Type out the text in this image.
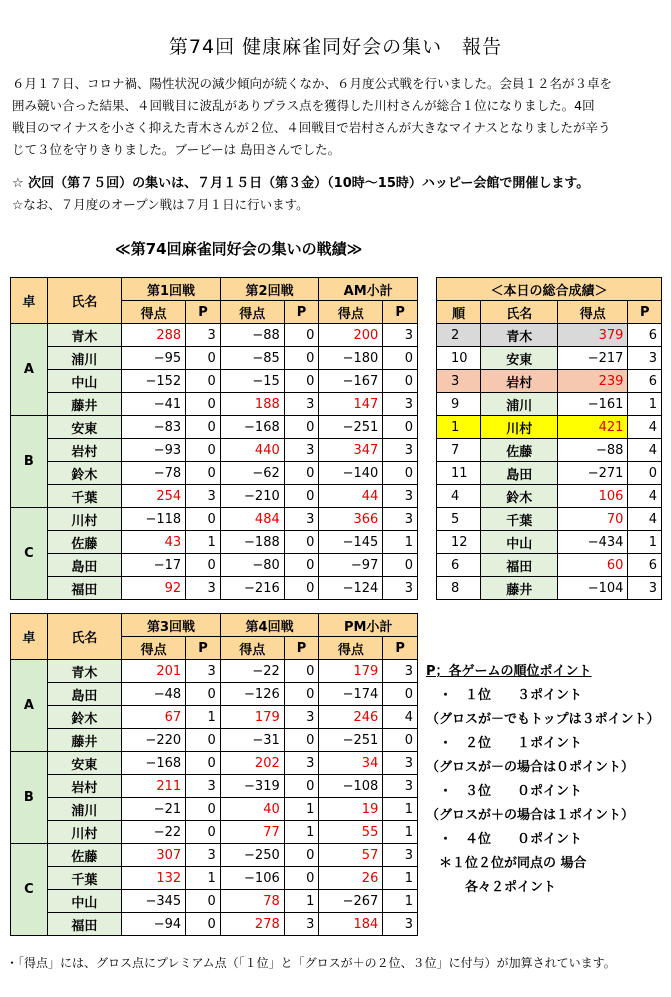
第74回 健康麻雀同好会の集い　報告
６月１７日、コロナ禍、陽性状況の減少傾向が続くなか、６月度公式戦を行いました。会員１２名が３卓を
囲み競い合った結果、４回戦目に波乱がありプラス点を獲得した川村さんが総合１位になりました。4回
戦目のマイナスを小さく抑えた青木さんが２位、４回戦目で岩村さんが大きなマイナスとなりましたが辛う
じて３位を守りきりました。ブービーは 島田さんでした。
☆ 次回（第７５回）の集いは、７月１５日（第３金）（10時～15時）ハッピー会館で開催します。
☆なお、７月度のオープン戦は７月１日に行います。
≪第74回麻雀同好会の集いの戦績≫
卓	氏名	第1回戦		第2回戦		AM小計	
		得点	P	得点	P	得点	P
A	青木	288	3	−88	0	200	3
	浦川	−95	0	−85	0	−180	0
	中山	−152	0	−15	0	−167	0
	藤井	−41	0	188	3	147	3
B	安東	−83	0	−168	0	−251	0
	岩村	−93	0	440	3	347	3
	鈴木	−78	0	−62	0	−140	0
	千葉	254	3	−210	0	44	3
C	川村	−118	0	484	3	366	3
	佐藤	43	1	−188	0	−145	1
	島田	−17	0	−80	0	−97	0
	福田	92	3	−216	0	−124	3
卓	氏名	第3回戦		第4回戦		PM小計	
		得点	P	得点	P	得点	P
A	青木	201	3	−22	0	179	3
	島田	−48	0	−126	0	−174	0
	鈴木	67	1	179	3	246	4
	藤井	−220	0	−31	0	−251	0
B	安東	−168	0	202	3	34	3
	岩村	211	3	−319	0	−108	3
	浦川	−21	0	40	1	19	1
	川村	−22	0	77	1	55	1
C	佐藤	307	3	−250	0	57	3
	千葉	132	1	−106	0	26	1
	中山	−345	0	78	1	−267	1
	福田	−94	0	278	3	184	3
＜本日の総合成績＞			
順	氏名	得点	P
2	青木	379	6
10	安東	−217	3
3	岩村	239	6
9	浦川	−161	1
1	川村	421	4
7	佐藤	−88	4
11	島田	−271	0
4	鈴木	106	4
5	千葉	70	4
12	中山	−434	1
6	福田	60	6
8	藤井	−104	3
P；各ゲームの順位ポイント
　・　１位　　３ポイント
（グロスが－でもトップは３ポイント）
　・　２位　　１ポイント
（グロスが－の場合は０ポイント）
　・　３位　　０ポイント
（グロスが＋の場合は１ポイント）
　・　４位　　０ポイント
　＊１位２位が同点の 場合
　　　各々２ポイント
・「得点」には、グロス点にプレミアム点（「１位」と「グロスが＋の２位、３位」に付与）が加算されています。
